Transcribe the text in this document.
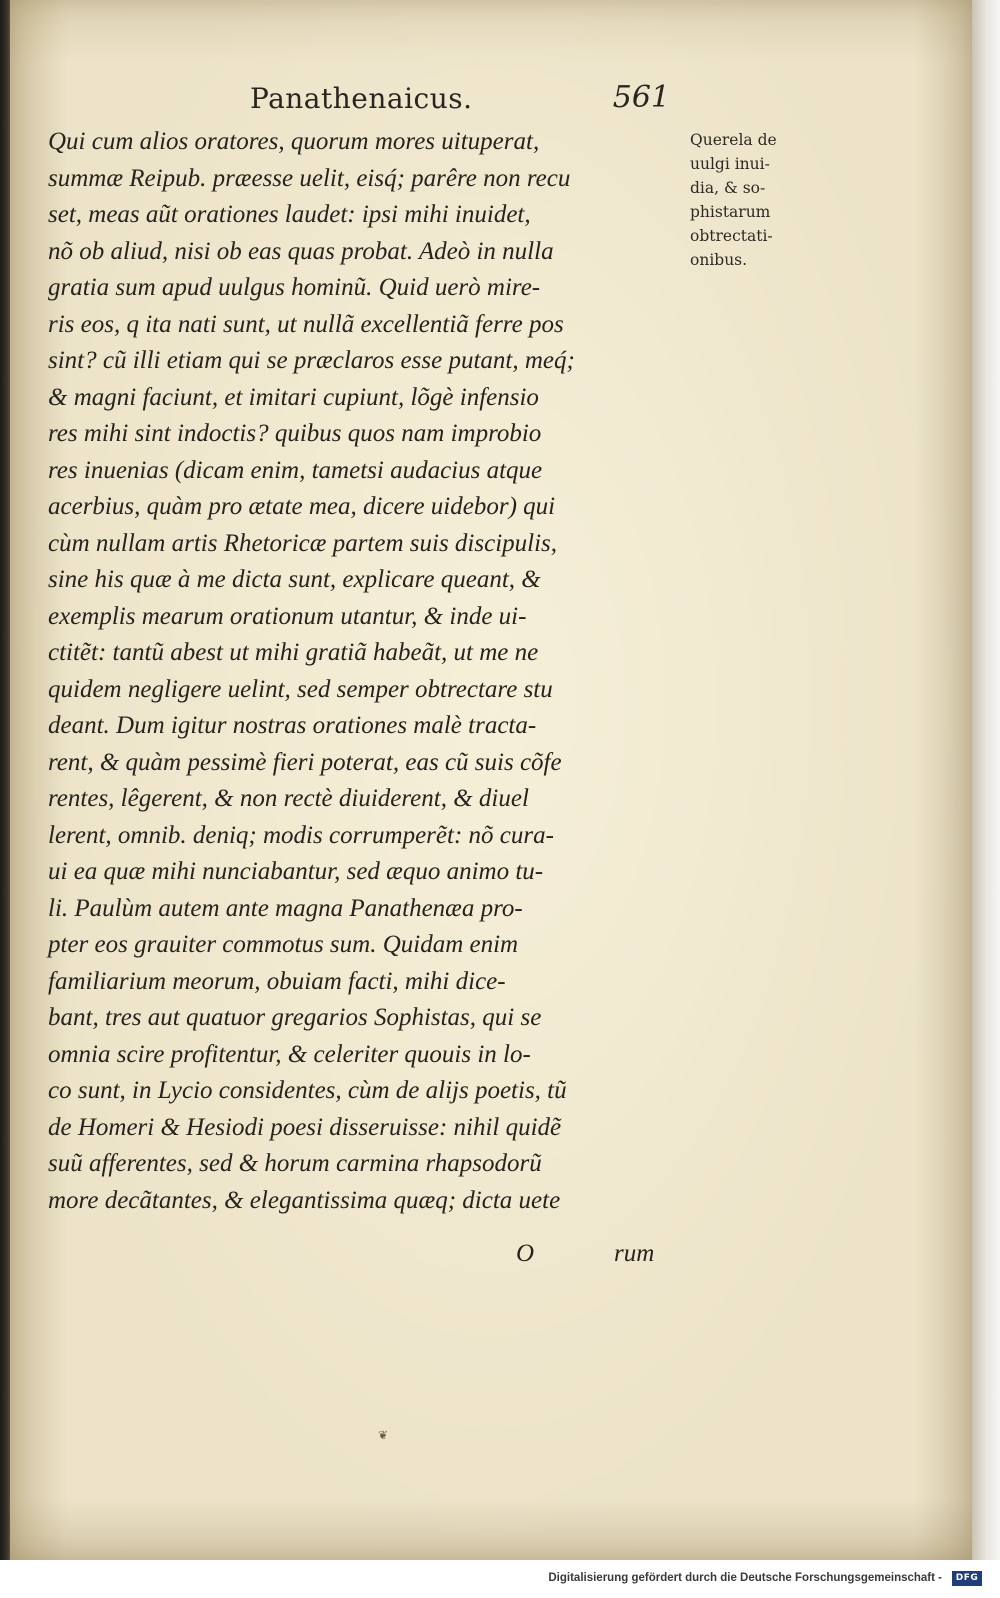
Panathenaicus.	561
Qui cum alios oratores, quorum mores uituperat,
summæ Reipub. præesse uelit, eisq́; parêre non recu
set, meas aũt orationes laudet: ipsi mihi inuidet,
nõ ob aliud, nisi ob eas quas probat. Adeò in nulla
gratia sum apud uulgus hominũ. Quid uerò mire-
ris eos, q ita nati sunt, ut nullã excellentiã ferre pos
sint? cũ illi etiam qui se præclaros esse putant, meq́;
& magni faciunt, et imitari cupiunt, lõgè infensio
res mihi sint indoctis? quibus quos nam improbio
res inuenias (dicam enim, tametsi audacius atque
acerbius, quàm pro ætate mea, dicere uidebor) qui
cùm nullam artis Rhetoricæ partem suis discipulis,
sine his quæ à me dicta sunt, explicare queant, &
exemplis mearum orationum utantur, & inde ui-
ctitẽt: tantũ abest ut mihi gratiã habeãt, ut me ne
quidem negligere uelint, sed semper obtrectare stu
deant. Dum igitur nostras orationes malè tracta-
rent, & quàm pessimè fieri poterat, eas cũ suis cõfe
rentes, lêgerent, & non rectè diuiderent, & diuel
lerent, omnib. deniq; modis corrumperẽt: nõ cura-
ui ea quæ mihi nunciabantur, sed æquo animo tu-
li. Paulùm autem ante magna Panathenæa pro-
pter eos grauiter commotus sum. Quidam enim
familiarium meorum, obuiam facti, mihi dice-
bant, tres aut quatuor gregarios Sophistas, qui se
omnia scire profitentur, & celeriter quouis in lo-
co sunt, in Lycio considentes, cùm de alijs poetis, tũ
de Homeri & Hesiodi poesi disseruisse: nihil quidẽ
suũ afferentes, sed & horum carmina rhapsodorũ
more decãtantes, & elegantissima quæq; dicta uete
Querela de
uulgi inui-
dia, & so-
phistarum
obtrectati-
onibus.
O	rum
❦
Digitalisierung gefördert durch die Deutsche Forschungsgemeinschaft -	DFG
